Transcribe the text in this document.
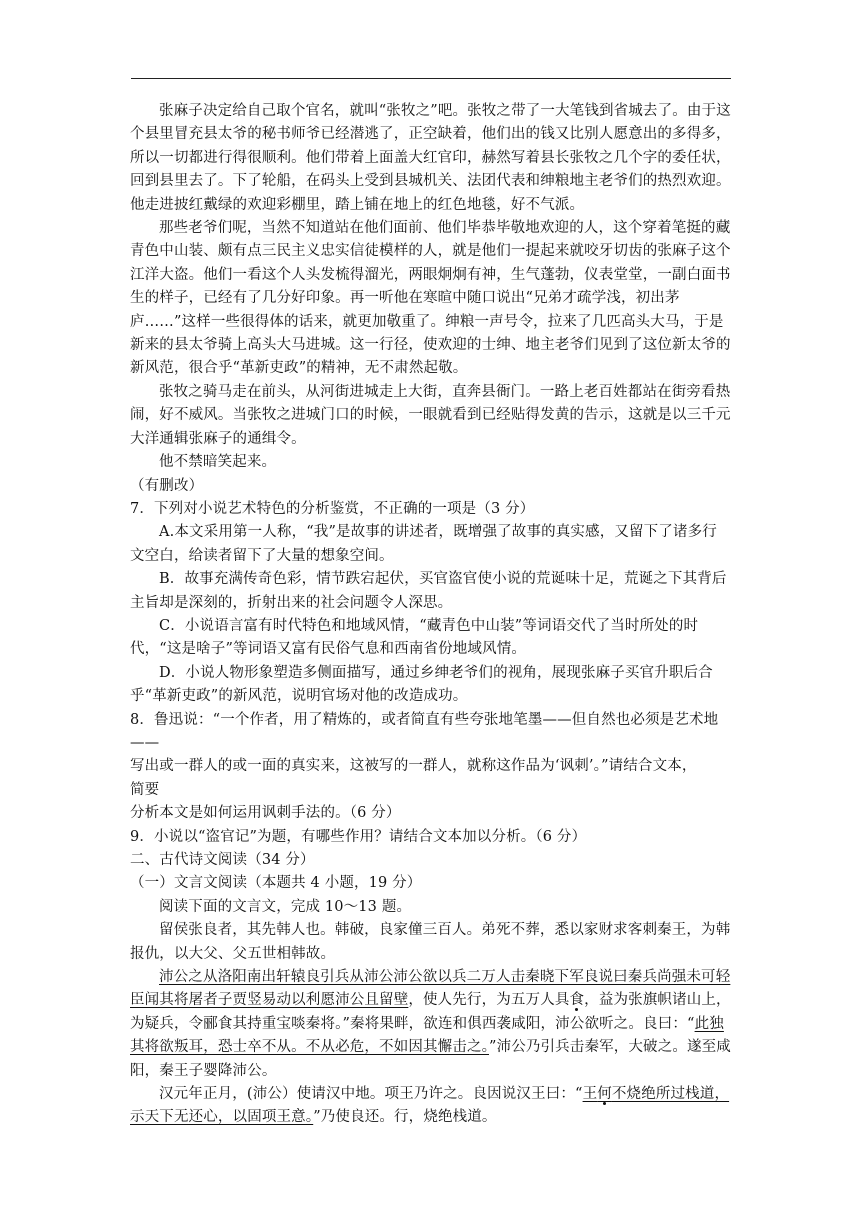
张麻子决定给自己取个官名，就叫“张牧之”吧。张牧之带了一大笔钱到省城去了。由于这个县里冒充县太爷的秘书师爷已经潜逃了，正空缺着，他们出的钱又比别人愿意出的多得多，所以一切都进行得很顺利。他们带着上面盖大红官印，赫然写着县长张牧之几个字的委任状，回到县里去了。下了轮船，在码头上受到县城机关、法团代表和绅粮地主老爷们的热烈欢迎。他走进披红戴绿的欢迎彩棚里，踏上铺在地上的红色地毯，好不气派。

那些老爷们呢，当然不知道站在他们面前、他们毕恭毕敬地欢迎的人，这个穿着笔挺的藏青色中山装、颇有点三民主义忠实信徒模样的人，就是他们一提起来就咬牙切齿的张麻子这个江洋大盗。他们一看这个人头发梳得溜光，两眼炯炯有神，生气蓬勃，仪表堂堂，一副白面书生的样子，已经有了几分好印象。再一听他在寒暄中随口说出“兄弟才疏学浅，初出茅庐……”这样一些很得体的话来，就更加敬重了。绅粮一声号令，拉来了几匹高头大马，于是新来的县太爷骑上高头大马进城。这一行径，使欢迎的士绅、地主老爷们见到了这位新太爷的新风范，很合乎“革新吏政”的精神，无不肃然起敬。

张牧之骑马走在前头，从河街进城走上大街，直奔县衙门。一路上老百姓都站在街旁看热闹，好不威风。当张牧之进城门口的时候，一眼就看到已经贴得发黄的告示，这就是以三千元大洋通辑张麻子的通缉令。

他不禁暗笑起来。

（有删改）

7．下列对小说艺术特色的分析鉴赏，不正确的一项是（3 分）

A.本文采用第一人称，“我”是故事的讲述者，既增强了故事的真实感，又留下了诸多行文空白，给读者留下了大量的想象空间。

B．故事充满传奇色彩，情节跌宕起伏，买官盗官使小说的荒诞味十足，荒诞之下其背后主旨却是深刻的，折射出来的社会问题令人深思。

C．小说语言富有时代特色和地域风情，“藏青色中山装”等词语交代了当时所处的时代，“这是啥子”等词语又富有民俗气息和西南省份地域风情。

D．小说人物形象塑造多侧面描写，通过乡绅老爷们的视角，展现张麻子买官升职后合乎“革新吏政”的新风范，说明官场对他的改造成功。

8．鲁迅说：“一个作者，用了精炼的，或者简直有些夸张地笔墨——但自然也必须是艺术地

——

写出或一群人的或一面的真实来，这被写的一群人，就称这作品为‘讽刺’。”请结合文本，

简要

分析本文是如何运用讽刺手法的。（6 分）

9．小说以“盗官记”为题，有哪些作用？请结合文本加以分析。（6 分）

二、古代诗文阅读（34 分）

（一）文言文阅读（本题共 4 小题，19 分）

阅读下面的文言文，完成 10～13 题。

留侯张良者，其先韩人也。韩破，良家僮三百人。弟死不葬，悉以家财求客刺秦王，为韩报仇，以大父、父五世相韩故。

沛公之从洛阳南出轩辕良引兵从沛公沛公欲以兵二万人击秦晓下军良说曰秦兵尚强未可轻臣闻其将屠者子贾竖易动以利愿沛公且留壁，使人先行，为五万人具食，益为张旗帜诸山上，为疑兵，令郦食其持重宝啖秦将。”秦将果畔，欲连和俱西袭咸阳，沛公欲听之。良曰：“此独其将欲叛耳，恐士卒不从。不从必危，不如因其懈击之。”沛公乃引兵击秦军，大破之。遂至咸阳，秦王子婴降沛公。

汉元年正月，(沛公）使请汉中地。项王乃许之。良因说汉王曰：“王何不烧绝所过栈道，示天下无还心，以固项王意。”乃使良还。行，烧绝栈道。
